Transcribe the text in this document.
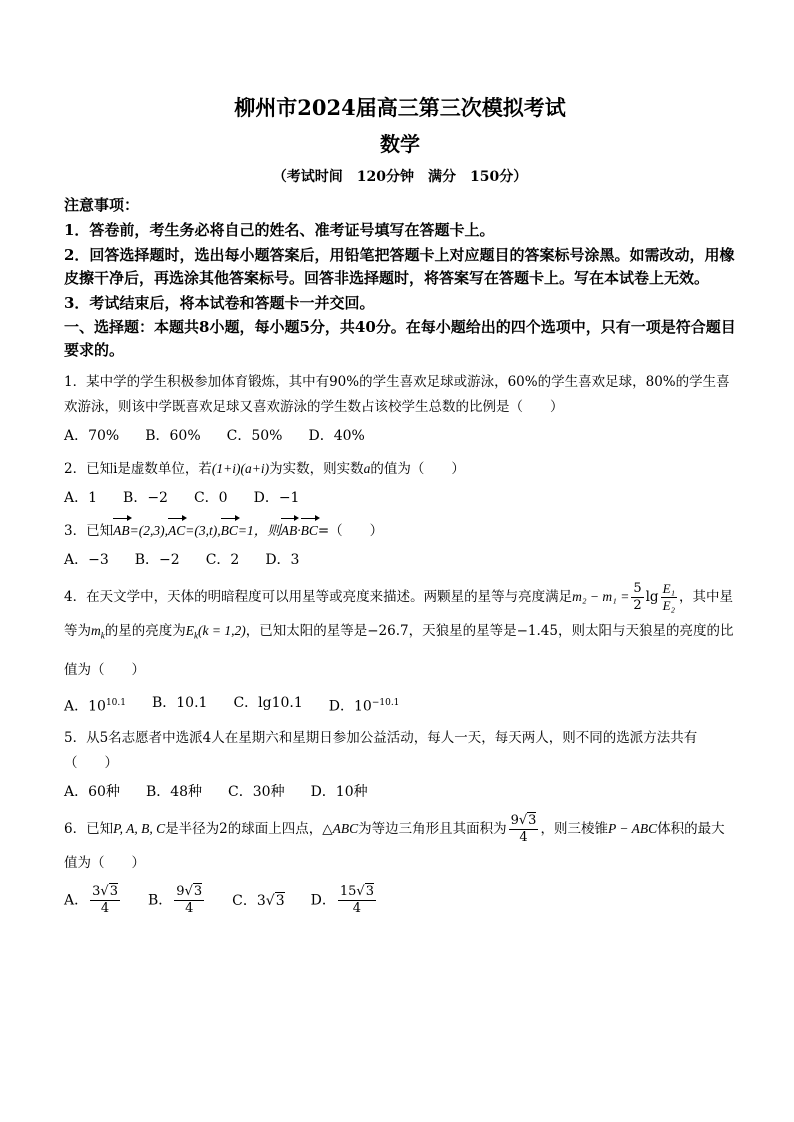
柳州市2024届高三第三次模拟考试
数学
（考试时间　120分钟　满分　150分）
注意事项：
1．答卷前，考生务必将自己的姓名、准考证号填写在答题卡上。
2．回答选择题时，选出每小题答案后，用铅笔把答题卡上对应题目的答案标号涂黑。如需改动，用橡皮擦干净后，再选涂其他答案标号。回答非选择题时，将答案写在答题卡上。写在本试卷上无效。
3．考试结束后，将本试卷和答题卡一并交回。
一、选择题：本题共8小题，每小题5分，共40分。在每小题给出的四个选项中，只有一项是符合题目要求的。
1．某中学的学生积极参加体育锻炼，其中有90%的学生喜欢足球或游泳，60%的学生喜欢足球，80%的学生喜欢游泳，则该中学既喜欢足球又喜欢游泳的学生数占该校学生总数的比例是（　　）
A．70% B．60% C．50% D．40%
2．已知i是虚数单位，若(1+i)(a+i)为实数，则实数a的值为（　　）
A．1 B．−2 C．0 D．−1
3．已知AB=(2,3),AC=(3,t),BC=1，则AB·BC=（　　）
A．−3 B．−2 C．2 D．3
4．在天文学中，天体的明暗程度可以用星等或亮度来描述。两颗星的星等与亮度满足$m_2 - m_1 = \frac{5}{2}$ $\lg \frac{\text{E₁}}{\text{E₂}}$ ，其中星等为$m_k$的星的亮度为$E_k(k = 1,2)$，已知太阳的星等是−26.7，天狼星的星等是−1.45，则太阳与天狼星的亮度的比值为（　　）
A．$10^{10.1}$ B．10.1 C．lg10.1 D．$10^{-10.1}$
5．从5名志愿者中选派4人在星期六和星期日参加公益活动，每人一天，每天两人，则不同的选派方法共有（　　）
A．60种 B．48种 C．30种 D．10种
6．已知P, A, B, C是半径为2的球面上四点，△ABC为等边三角形且其面积为 $\frac{9√3}{4}$ ，则三棱锥P − ABC体积的最大值为（　　）
A． $\frac{3√3}{4}$ B． $\frac{9√3}{4}$ C．3√3 D． $\frac{15√3}{4}$
